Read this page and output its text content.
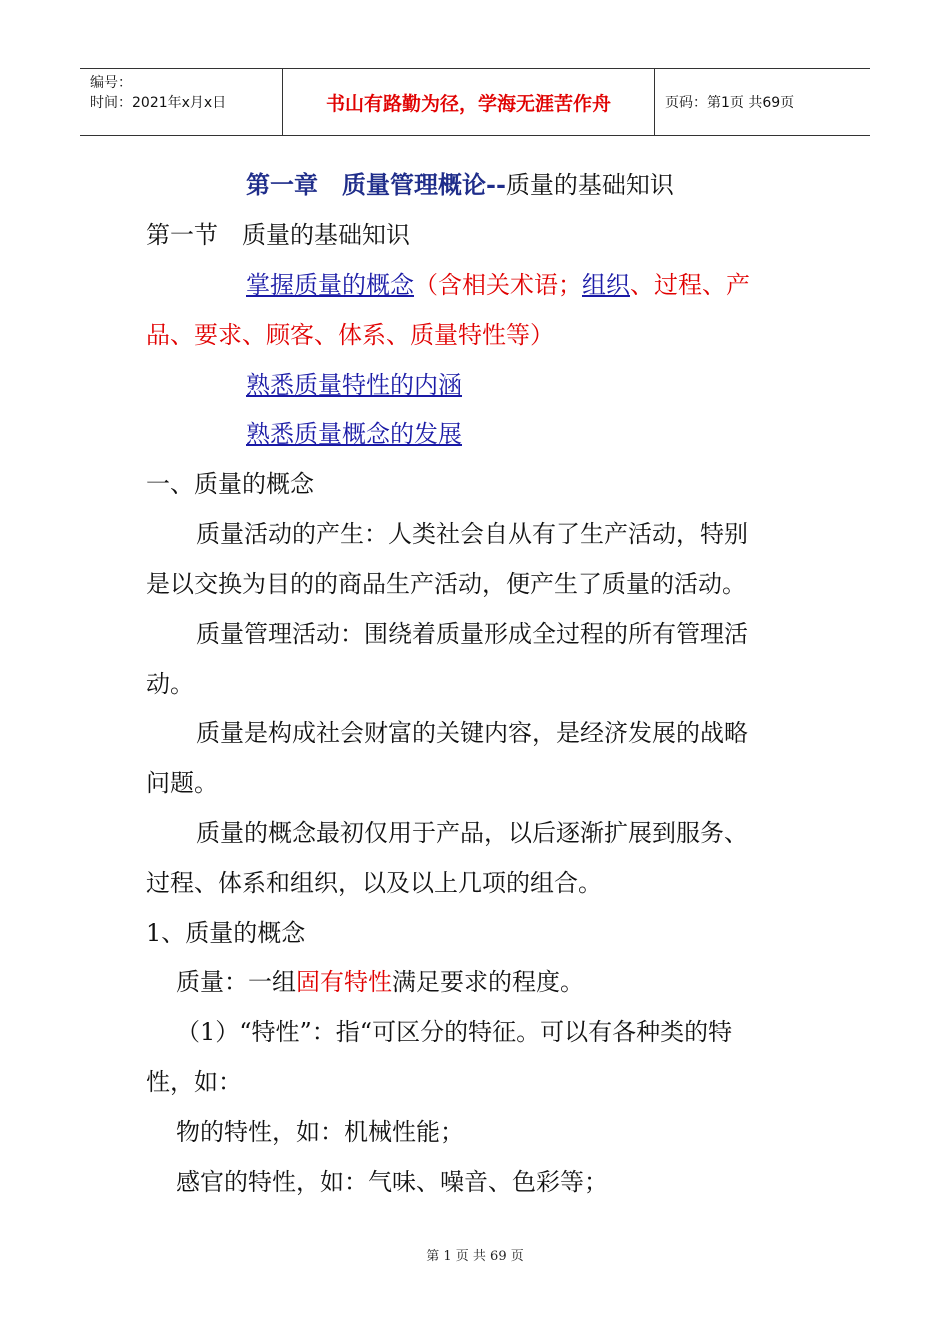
编号：
时间：2021年x月x日	书山有路勤为径，学海无涯苦作舟	页码：第1页 共69页
第一章　质量管理概论--质量的基础知识
第一节　质量的基础知识
掌握质量的概念（含相关术语；组织、过程、产
品、要求、顾客、体系、质量特性等）
熟悉质量特性的内涵
熟悉质量概念的发展
一、质量的概念
质量活动的产生：人类社会自从有了生产活动，特别
是以交换为目的的商品生产活动，便产生了质量的活动。
质量管理活动：围绕着质量形成全过程的所有管理活
动。
质量是构成社会财富的关键内容，是经济发展的战略
问题。
质量的概念最初仅用于产品，以后逐渐扩展到服务、
过程、体系和组织，以及以上几项的组合。
1、质量的概念
质量：一组固有特性满足要求的程度。
（1）“特性”：指“可区分的特征。可以有各种类的特
性，如：
物的特性，如：机械性能；
感官的特性，如：气味、噪音、色彩等；
第 1 页 共 69 页
